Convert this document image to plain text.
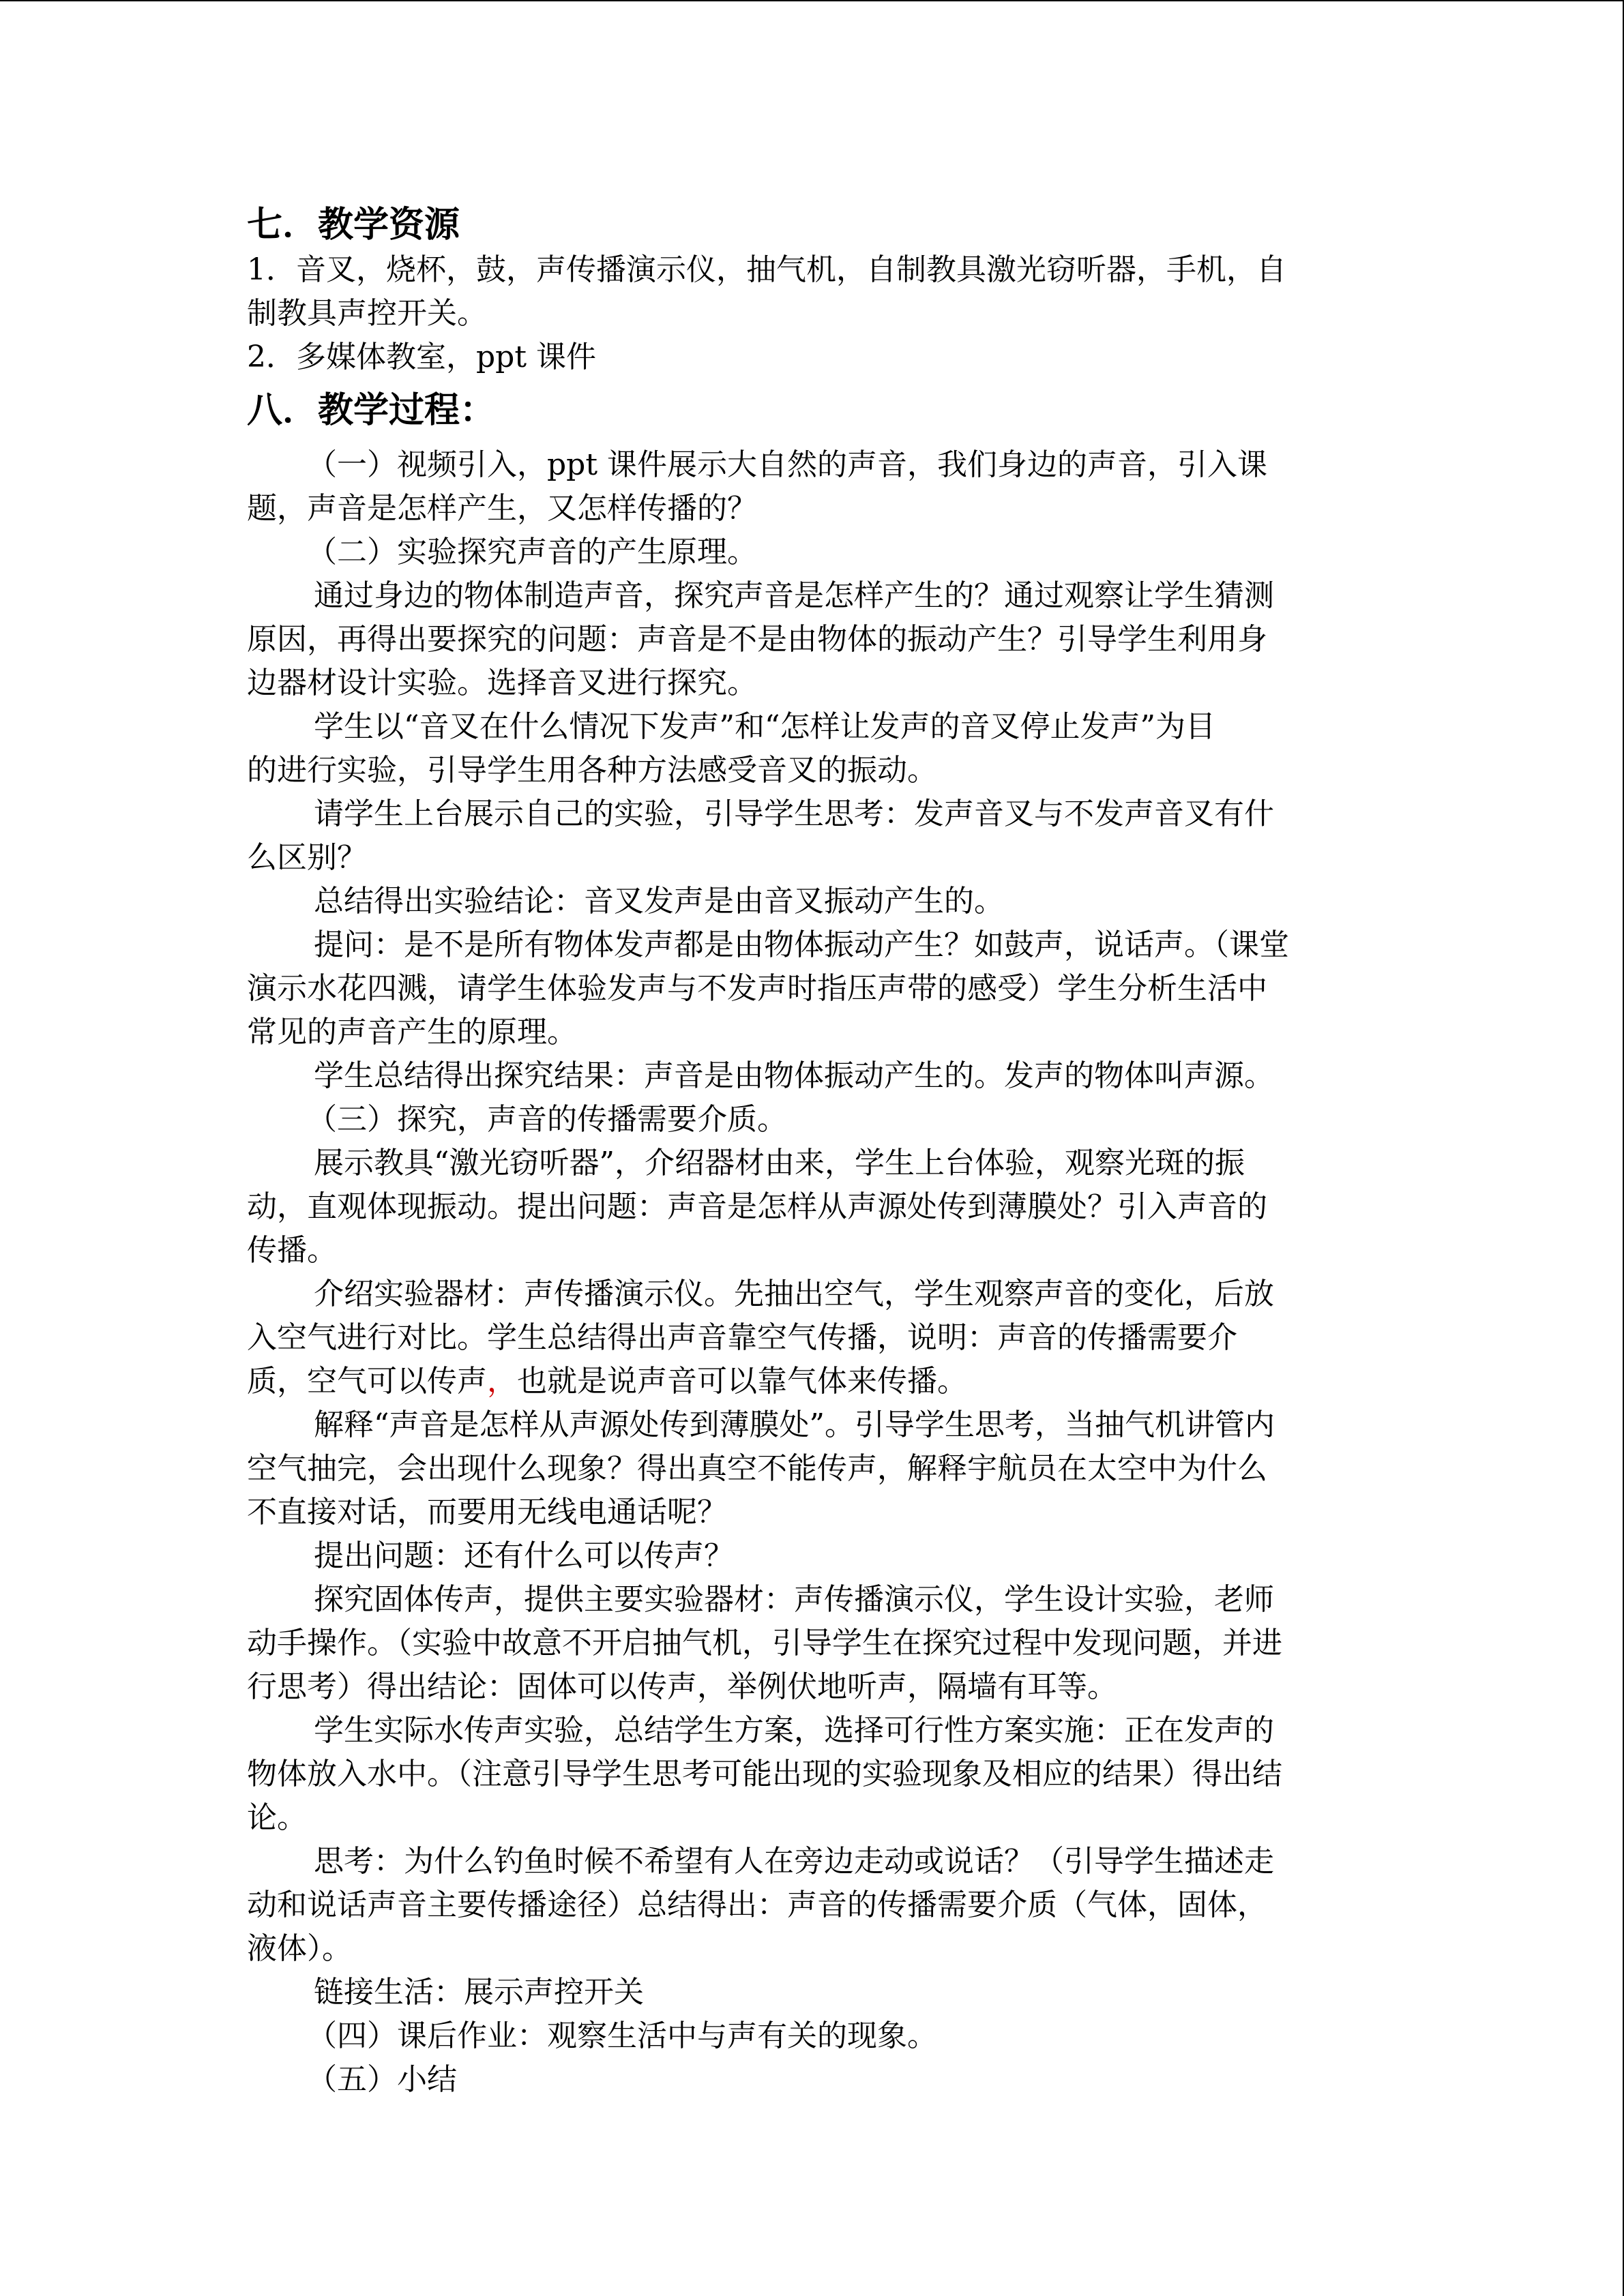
七．教学资源

1．音叉，烧杯，鼓，声传播演示仪，抽气机，自制教具激光窃听器，手机，自

制教具声控开关。

2．多媒体教室，ppt 课件

八．教学过程：
（一）视频引入，ppt 课件展示大自然的声音，我们身边的声音，引入课
题，声音是怎样产生，又怎样传播的？
（二）实验探究声音的产生原理。
通过身边的物体制造声音，探究声音是怎样产生的？通过观察让学生猜测
原因，再得出要探究的问题：声音是不是由物体的振动产生？引导学生利用身
边器材设计实验。选择音叉进行探究。
学生以“音叉在什么情况下发声”和“怎样让发声的音叉停止发声”为目
的进行实验，引导学生用各种方法感受音叉的振动。
请学生上台展示自己的实验，引导学生思考：发声音叉与不发声音叉有什
么区别？
总结得出实验结论：音叉发声是由音叉振动产生的。
提问：是不是所有物体发声都是由物体振动产生？如鼓声，说话声。（课堂
演示水花四溅，请学生体验发声与不发声时指压声带的感受）学生分析生活中
常见的声音产生的原理。
学生总结得出探究结果：声音是由物体振动产生的。发声的物体叫声源。
（三）探究，声音的传播需要介质。
展示教具“激光窃听器”，介绍器材由来，学生上台体验，观察光斑的振
动，直观体现振动。提出问题：声音是怎样从声源处传到薄膜处？引入声音的
传播。
介绍实验器材：声传播演示仪。先抽出空气，学生观察声音的变化，后放
入空气进行对比。学生总结得出声音靠空气传播，说明：声音的传播需要介
质，空气可以传声，也就是说声音可以靠气体来传播。
解释“声音是怎样从声源处传到薄膜处”。引导学生思考，当抽气机讲管内
空气抽完，会出现什么现象？得出真空不能传声，解释宇航员在太空中为什么
不直接对话，而要用无线电通话呢？
提出问题：还有什么可以传声？
探究固体传声，提供主要实验器材：声传播演示仪，学生设计实验，老师
动手操作。（实验中故意不开启抽气机，引导学生在探究过程中发现问题，并进
行思考）得出结论：固体可以传声，举例伏地听声，隔墙有耳等。
学生实际水传声实验，总结学生方案，选择可行性方案实施：正在发声的
物体放入水中。（注意引导学生思考可能出现的实验现象及相应的结果）得出结
论。
思考：为什么钓鱼时候不希望有人在旁边走动或说话？（引导学生描述走
动和说话声音主要传播途径）总结得出：声音的传播需要介质（气体，固体，
液体）。
链接生活：展示声控开关
（四）课后作业：观察生活中与声有关的现象。
（五）小结
